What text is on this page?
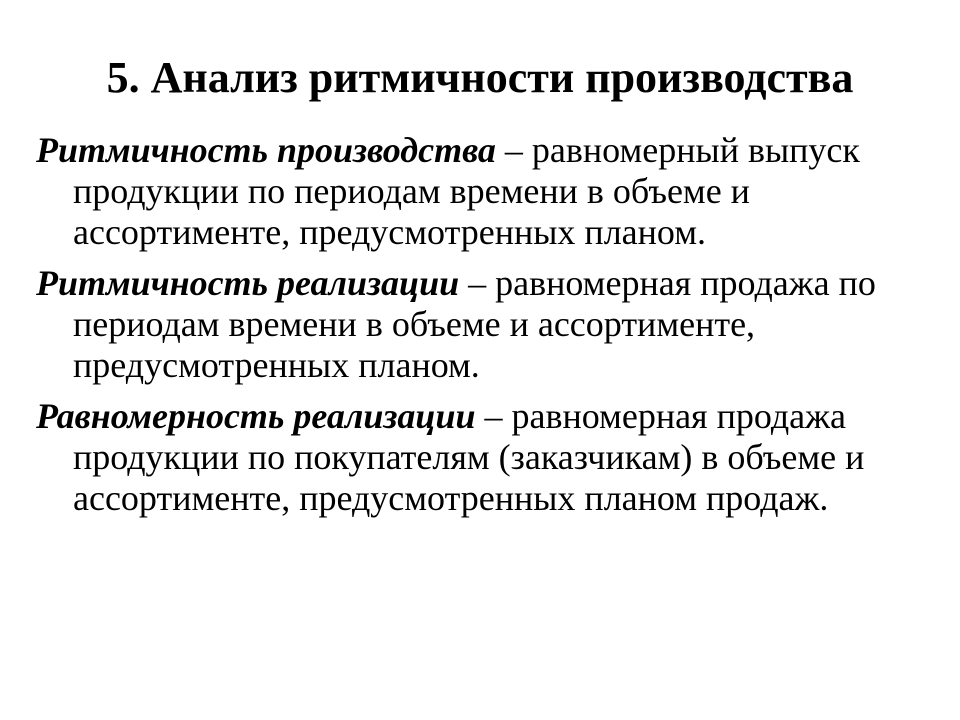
5. Анализ ритмичности производства

Ритмичность производства – равномерный выпуск продукции по периодам времени в объеме и ассортименте, предусмотренных планом.

Ритмичность реализации – равномерная продажа по периодам времени в объеме и ассортименте, предусмотренных планом.

Равномерность реализации – равномерная продажа продукции по покупателям (заказчикам) в объеме и ассортименте, предусмотренных планом продаж.
